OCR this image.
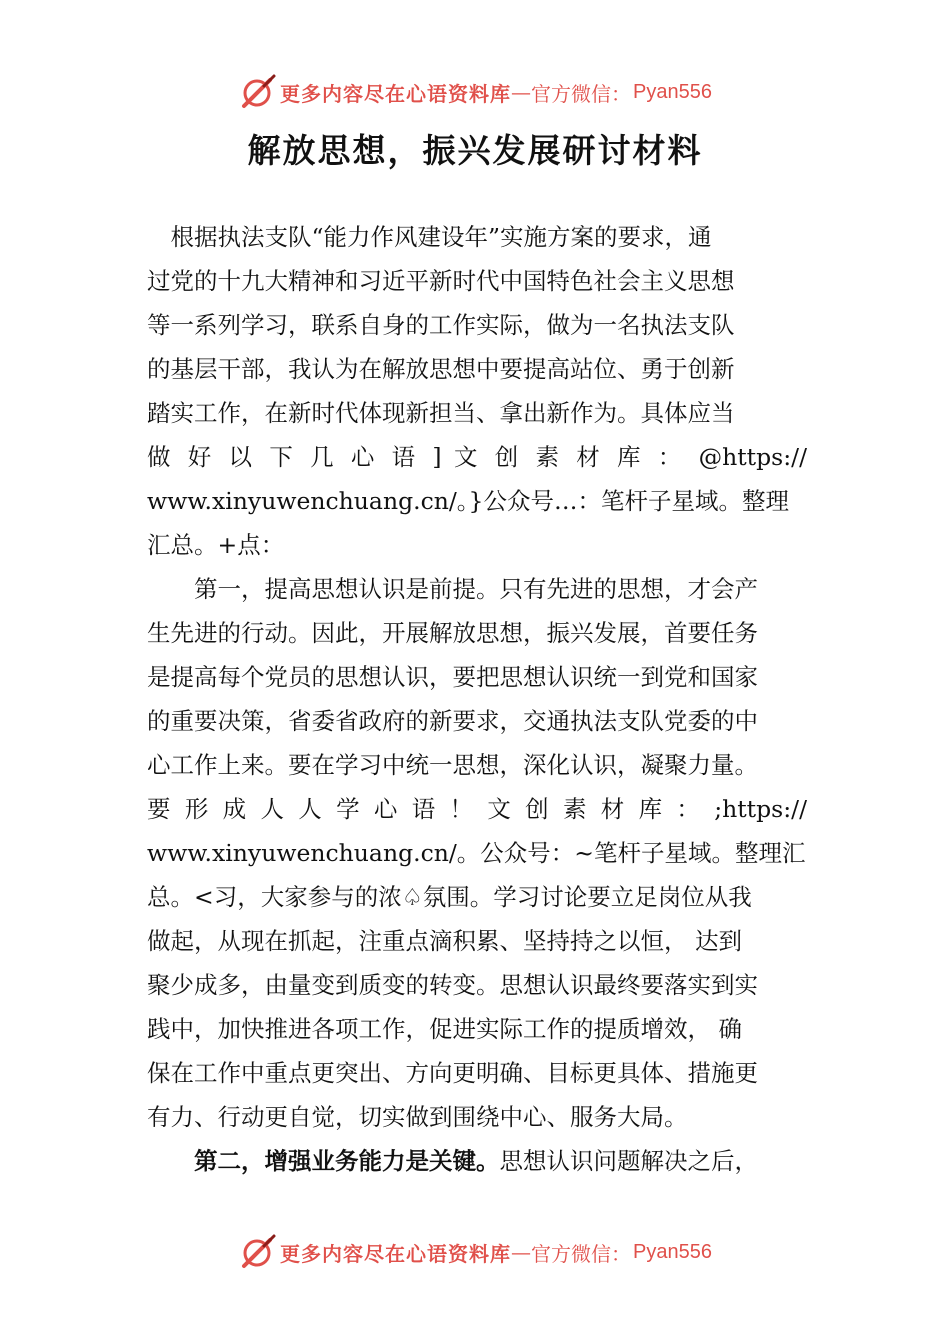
更多内容尽在心语资料库 — 官方微信： Pyan556
解放思想，振兴发展研讨材料
　根据执法支队“能力作风建设年”实施方案的要求，通
过党的十九大精神和习近平新时代中国特色社会主义思想
等一系列学习，联系自身的工作实际，做为一名执法支队
的基层干部，我认为在解放思想中要提高站位、勇于创新
踏实工作，在新时代体现新担当、拿出新作为。具体应当
做 好 以 下 几 心 语 ] 文 创 素 材 库 ： @https://
www.xinyuwenchuang.cn/。}公众号…：笔杆子星域。整理
汇总。+点：
　　第一，提高思想认识是前提。只有先进的思想，才会产
生先进的行动。因此，开展解放思想，振兴发展，首要任务
是提高每个党员的思想认识，要把思想认识统一到党和国家
的重要决策，省委省政府的新要求，交通执法支队党委的中
心工作上来。要在学习中统一思想，深化认识，凝聚力量。
要 形 成 人 人 学 心 语 ！ 文 创 素 材 库 ： ;https://
www.xinyuwenchuang.cn/。公众号：~笔杆子星域。整理汇
总。<习，大家参与的浓♤氛围。学习讨论要立足岗位从我
做起，从现在抓起，注重点滴积累、坚持持之以恒， 达到
聚少成多，由量变到质变的转变。思想认识最终要落实到实
践中，加快推进各项工作，促进实际工作的提质增效， 确
保在工作中重点更突出、方向更明确、目标更具体、措施更
有力、行动更自觉，切实做到围绕中心、服务大局。
　　第二，增强业务能力是关键。思想认识问题解决之后，
更多内容尽在心语资料库 — 官方微信： Pyan556
